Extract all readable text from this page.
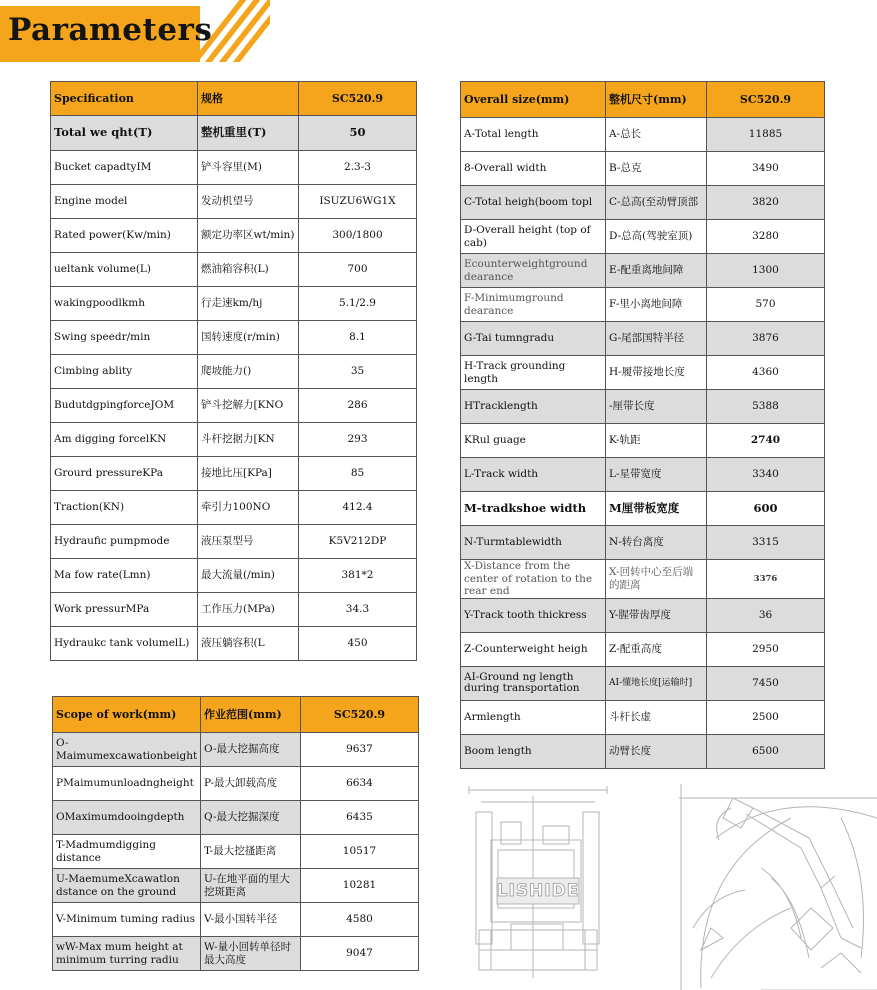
Parameters
Specification	规格	SC520.9
Total we qht(T)	整机重里(T)	50
Bucket capadtyIM	铲斗容里(M)	2.3-3
Engine model	发动机望号	ISUZU6WG1X
Rated power(Kw/min)	额定功率区wt/min)	300/1800
ueltank volume(L)	燃油箱容积(L)	700
wakingpoodlkmh	行走速km/hj	5.1/2.9
Swing speedr/min	国转速度(r/min)	8.1
Cimbing ablity	爬坡能力()	35
BudutdgpingforceJOM	铲斗挖解力[KNO	286
Am digging forcelKN	斗杆挖据力[KN	293
Grourd pressureKPa	接地比压[KPa]	85
Traction(KN)	牵引力100NO	412.4
Hydraufic pumpmode	液压泵型号	K5V212DP
Ma fow rate(Lmn)	最大流量(/min)	381*2
Work pressurMPa	工作压力(MPa)	34.3
Hydraukc tank volumelL)	液压躺容积(L	450
Scope of work(mm)	作业范围(mm)	SC520.9
O-Maimumexcawationbeight	O-最大挖掘高度	9637
PMaimumunloadngheight	P-最大卸载高度	6634
OMaximumdooingdepth	Q-最大挖掘深度	6435
T-Madmumdigging distance	T-最大挖搔距离	10517
U-MaemumeXcawatlon dstance on the ground	U-在地平面的里大挖斑距离	10281
V-Minimum tuming radius	V-最小国转半径	4580
wW-Max mum height at minimum turring radiu	W-量小回转单径时最大高度	9047
Overall size(mm)	整机尺寸(mm)	SC520.9
A-Total length	A-总长	11885
8-Overall width	B-总克	3490
C-Total heigh(boom topl	C-总高(至动臂顶部	3820
D-Overall height (top of cab)	D-总高(驾驶室顶)	3280
Ecounterweightground dearance	E-配重离地间障	1300
F-Minimumground dearance	F-里小离地间障	570
G-Tai tumngradu	G-尾部国特半径	3876
H-Track grounding length	H-履带接地长度	4360
HTracklength	-厘带长度	5388
KRul guage	K-轨距	2740
L-Track width	L-星带宽度	3340
M-tradkshoe width	M厘带板宽度	600
N-Turmtablewidth	N-转台离度	3315
X-Distance from the center of rotation to the rear end	X-回转中心至后端的距离	3376
Y-Track tooth thickress	Y-腥带齿厚度	36
Z-Counterweight heigh	Z-配重高度	2950
AI-Ground ng length during transportation	AI-懂地长度[运输时]	7450
Armlength	斗杆长虚	2500
Boom length	动臂长度	6500
LISHIDE
